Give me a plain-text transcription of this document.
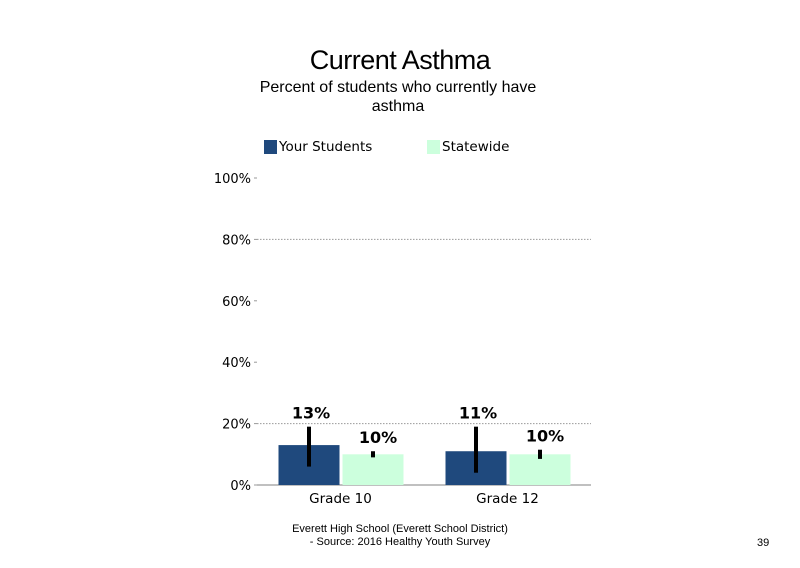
Current Asthma
Percent of students who currently have asthma
Your Students	Statewide
0%
20%
40%
60%
80%
100%
Grade 10
13%
10%
Grade 12
11%
10%
Everett High School (Everett School District)
- Source: 2016 Healthy Youth Survey	39
